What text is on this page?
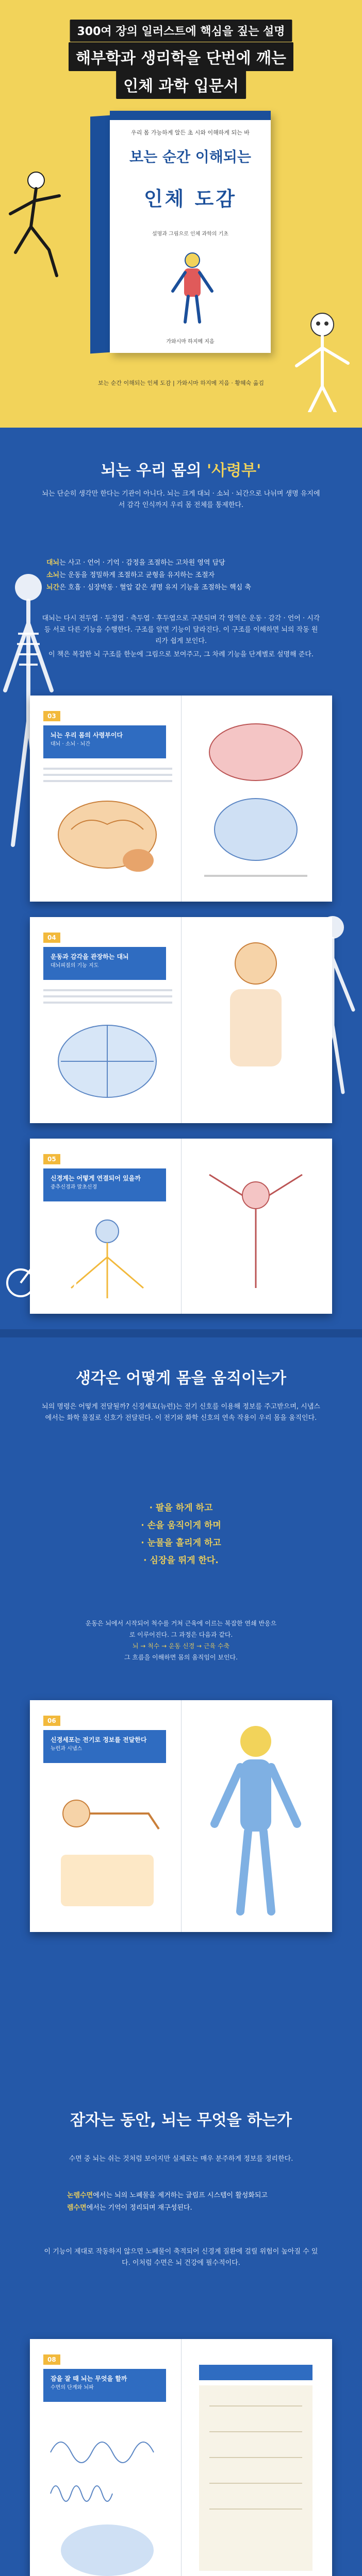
300여 장의 일러스트에 핵심을 짚는 설명
해부학과 생리학을 단번에 깨는
인체 과학 입문서
우리 몸 가능하게 알든 초 시와 이해하게 되는 바
보는 순간 이해되는
인체 도감
설명과 그림으로 인체 과학의 기초
가와시마 하지메 지음
보는 순간 이해되는 인체 도감 | 가와시마 하지메 지음 · 황혜숙 옮김
뇌는 우리 몸의 '사령부'
뇌는 단순히 생각만 한다는 기관이 아니다. 뇌는 크게 대뇌 · 소뇌 · 뇌간으로 나뉘며 생명 유지에서 감각 인식까지 우리 몸 전체를 통제한다.
대뇌는 사고 · 언어 · 기억 · 감정을 조절하는 고차원 영역 담당
소뇌는 운동을 정밀하게 조절하고 균형을 유지하는 조절자
뇌간은 호흡 · 심장박동 · 혈압 같은 생명 유지 기능을 조절하는 핵심 축
대뇌는 다시 전두엽 · 두정엽 · 측두엽 · 후두엽으로 구분되며 각 영역은 운동 · 감각 · 언어 · 시각 등 서로 다른 기능을 수행한다. 구조를 알면 기능이 달라진다. 이 구조를 이해하면 뇌의 작동 원리가 쉽게 보인다.
이 책은 복잡한 뇌 구조를 한눈에 그림으로 보여주고, 그 차례 기능을 단계별로 설명해 준다.
03
뇌는 우리 몸의 사령부이다
대뇌 · 소뇌 · 뇌간
04
운동과 감각을 관장하는 대뇌
대뇌피질의 기능 지도
05
신경계는 어떻게 연결되어 있을까
중추신경과 말초신경
생각은 어떻게 몸을 움직이는가
뇌의 명령은 어떻게 전달될까? 신경세포(뉴런)는 전기 신호를 이용해 정보를 주고받으며, 시냅스에서는 화학 물질로 신호가 전달된다. 이 전기와 화학 신호의 연속 작용이 우리 몸을 움직인다.
· 팔을 하게 하고
· 손을 움직이게 하며
· 눈물을 흘리게 하고
· 심장을 뛰게 한다.
운동은 뇌에서 시작되어 척수를 거쳐 근육에 이르는 복잡한 연쇄 반응으로 이루어진다. 그 과정은 다음과 같다.
뇌 → 척수 → 운동 신경 → 근육 수축
그 흐름을 이해하면 몸의 움직임이 보인다.
06
신경세포는 전기로 정보를 전달한다
뉴런과 시냅스
잠자는 동안, 뇌는 무엇을 하는가
수면 중 뇌는 쉬는 것처럼 보이지만 실제로는 매우 분주하게 정보를 정리한다.
논렘수면에서는 뇌의 노폐물을 제거하는 글림프 시스템이 활성화되고
렘수면에서는 기억이 정리되며 재구성된다.
이 기능이 제대로 작동하지 않으면 노폐물이 축적되어 신경계 질환에 걸릴 위험이 높아질 수 있다. 이처럼 수면은 뇌 건강에 필수적이다.
08
잠을 잘 때 뇌는 무엇을 할까
수면의 단계와 뇌파
